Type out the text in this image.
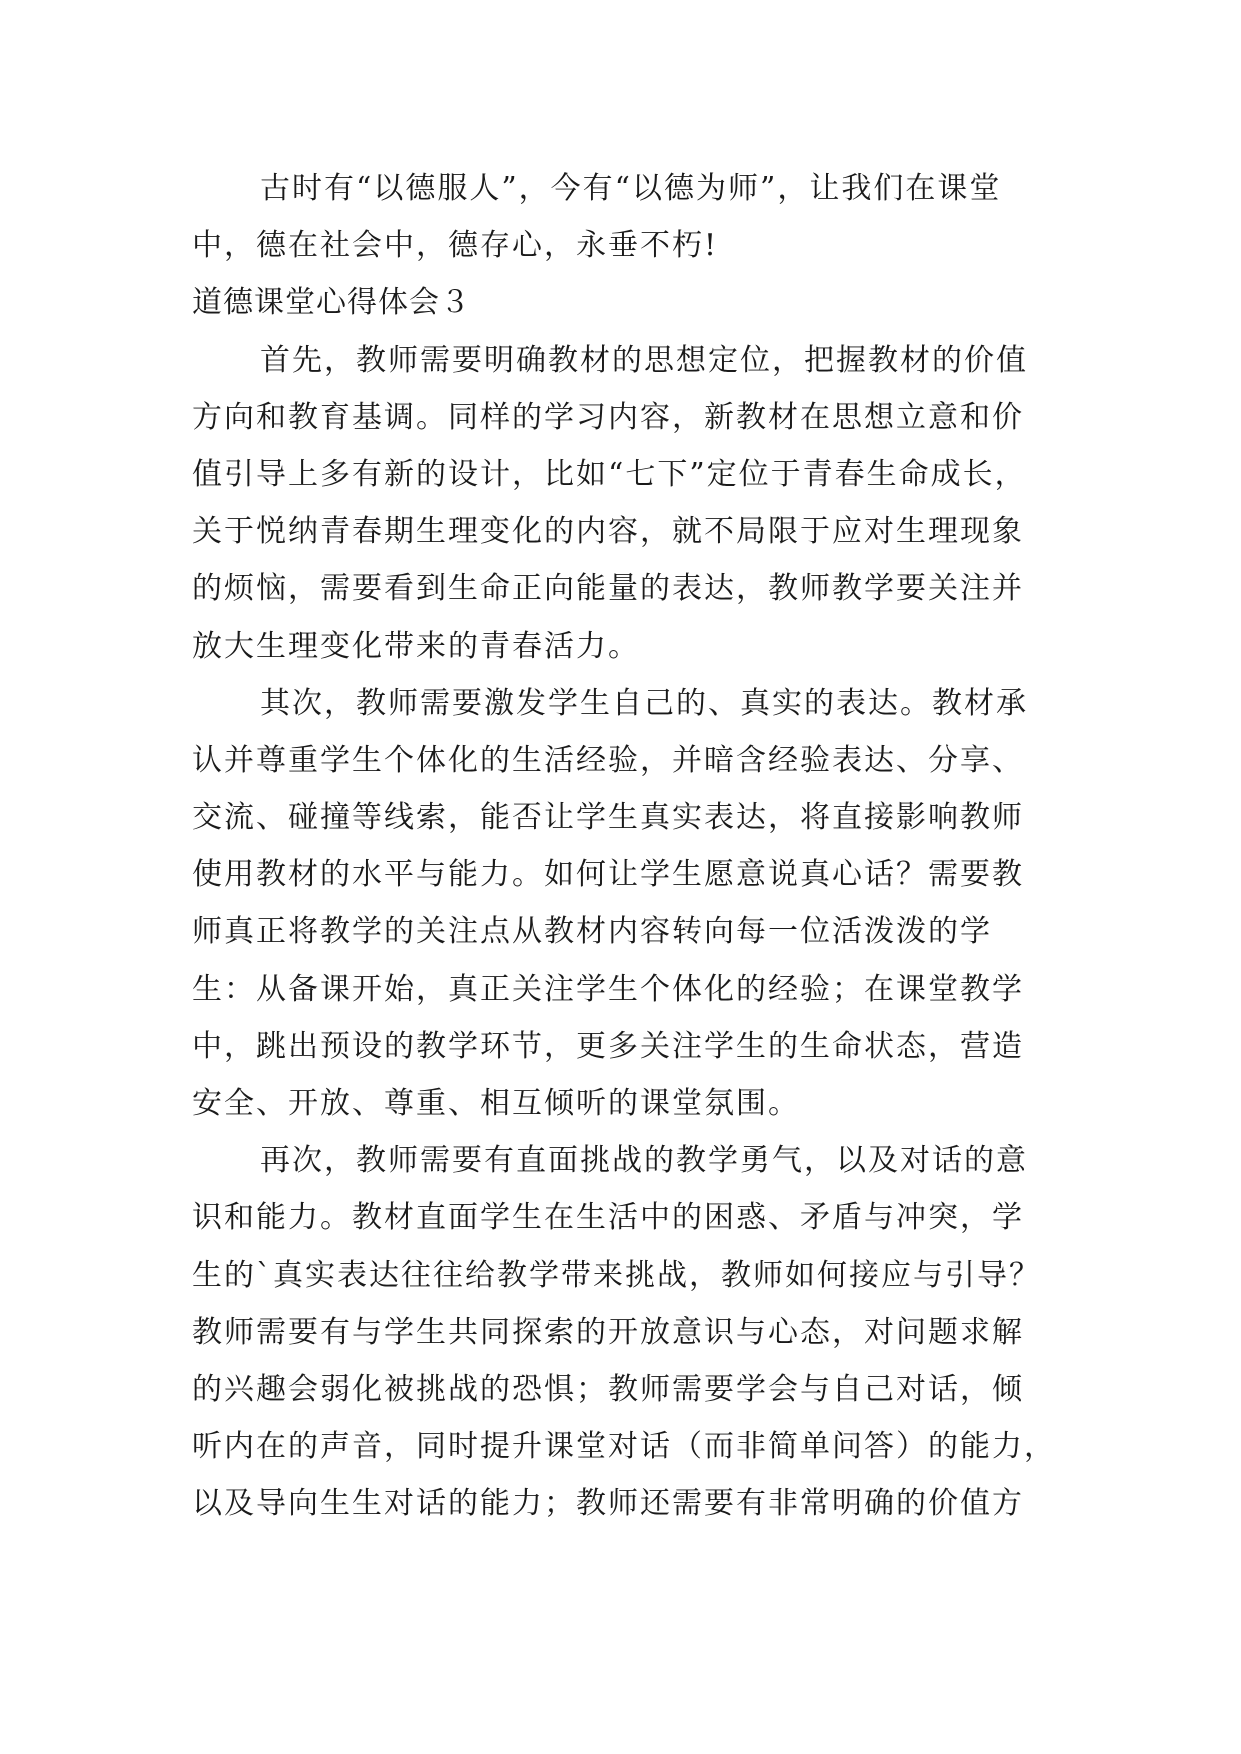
古时有“以德服人”，今有“以德为师”，让我们在课堂
中，德在社会中，德存心，永垂不朽!
道德课堂心得体会３
首先，教师需要明确教材的思想定位，把握教材的价值
方向和教育基调。同样的学习内容，新教材在思想立意和价
值引导上多有新的设计，比如“七下”定位于青春生命成长，
关于悦纳青春期生理变化的内容，就不局限于应对生理现象
的烦恼，需要看到生命正向能量的表达，教师教学要关注并
放大生理变化带来的青春活力。
其次，教师需要激发学生自己的、真实的表达。教材承
认并尊重学生个体化的生活经验，并暗含经验表达、分享、
交流、碰撞等线索，能否让学生真实表达，将直接影响教师
使用教材的水平与能力。如何让学生愿意说真心话？需要教
师真正将教学的关注点从教材内容转向每一位活泼泼的学
生：从备课开始，真正关注学生个体化的经验；在课堂教学
中，跳出预设的教学环节，更多关注学生的生命状态，营造
安全、开放、尊重、相互倾听的课堂氛围。
再次，教师需要有直面挑战的教学勇气，以及对话的意
识和能力。教材直面学生在生活中的困惑、矛盾与冲突，学
生的`真实表达往往给教学带来挑战，教师如何接应与引导？
教师需要有与学生共同探索的开放意识与心态，对问题求解
的兴趣会弱化被挑战的恐惧；教师需要学会与自己对话，倾
听内在的声音，同时提升课堂对话（而非简单问答）的能力，
以及导向生生对话的能力；教师还需要有非常明确的价值方
